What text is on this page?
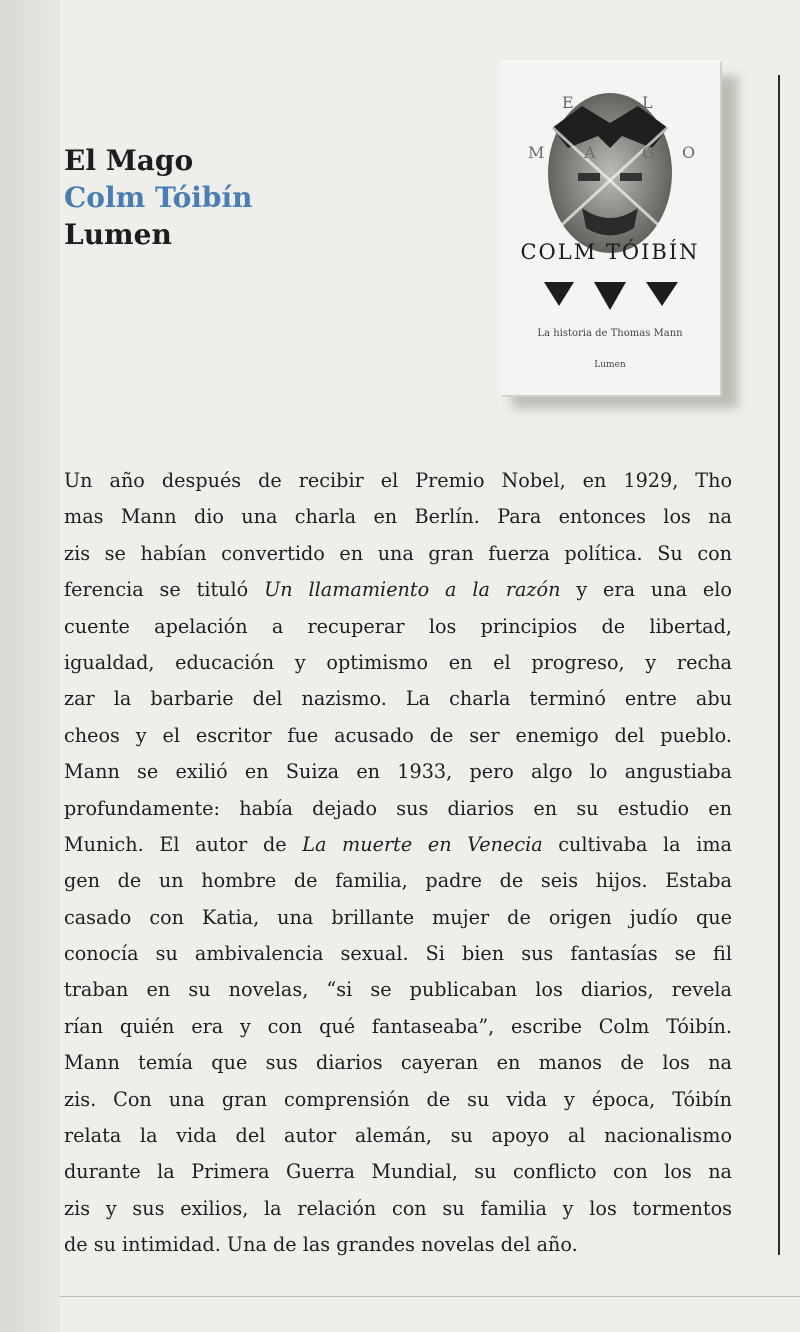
El Mago
Colm Tóibín
Lumen
E	L
M A	G O
COLM TÓIBÍN
La historia de Thomas Mann
Lumen
Un año después de recibir el Premio Nobel, en 1929, Tho
mas Mann dio una charla en Berlín. Para entonces los na
zis se habían convertido en una gran fuerza política. Su con
ferencia se tituló Un llamamiento a la razón y era una elo
cuente apelación a recuperar los principios de libertad,
igualdad, educación y optimismo en el progreso, y recha
zar la barbarie del nazismo. La charla terminó entre abu
cheos y el escritor fue acusado de ser enemigo del pueblo.
Mann se exilió en Suiza en 1933, pero algo lo angustiaba
profundamente: había dejado sus diarios en su estudio en
Munich. El autor de La muerte en Venecia cultivaba la ima
gen de un hombre de familia, padre de seis hijos. Estaba
casado con Katia, una brillante mujer de origen judío que
conocía su ambivalencia sexual. Si bien sus fantasías se fil
traban en su novelas, “si se publicaban los diarios, revela
rían quién era y con qué fantaseaba”, escribe Colm Tóibín.
Mann temía que sus diarios cayeran en manos de los na
zis. Con una gran comprensión de su vida y época, Tóibín
relata la vida del autor alemán, su apoyo al nacionalismo
durante la Primera Guerra Mundial, su conflicto con los na
zis y sus exilios, la relación con su familia y los tormentos
de su intimidad. Una de las grandes novelas del año.
